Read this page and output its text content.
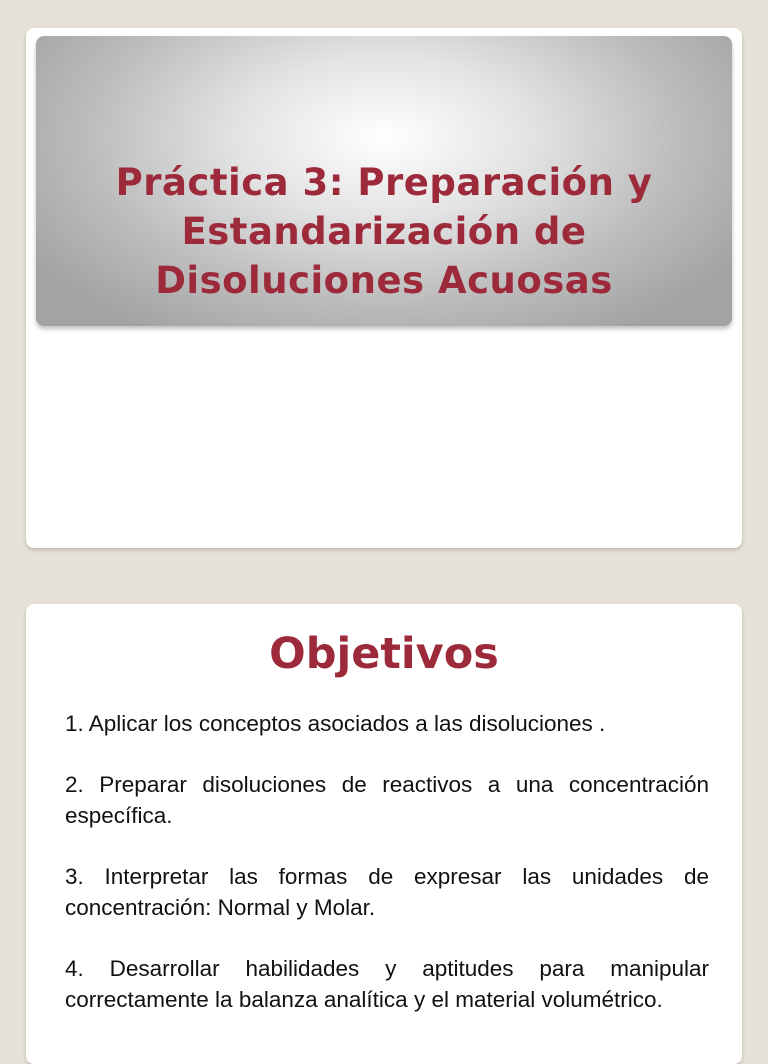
Práctica 3: Preparación y
Estandarización de
Disoluciones Acuosas
Objetivos
1. Aplicar los conceptos asociados a las disoluciones .
2. Preparar disoluciones de reactivos a una concentración específica.
3. Interpretar las formas de expresar las unidades de concentración: Normal y Molar.
4. Desarrollar habilidades y aptitudes para manipular correctamente la balanza analítica y el material volumétrico.
